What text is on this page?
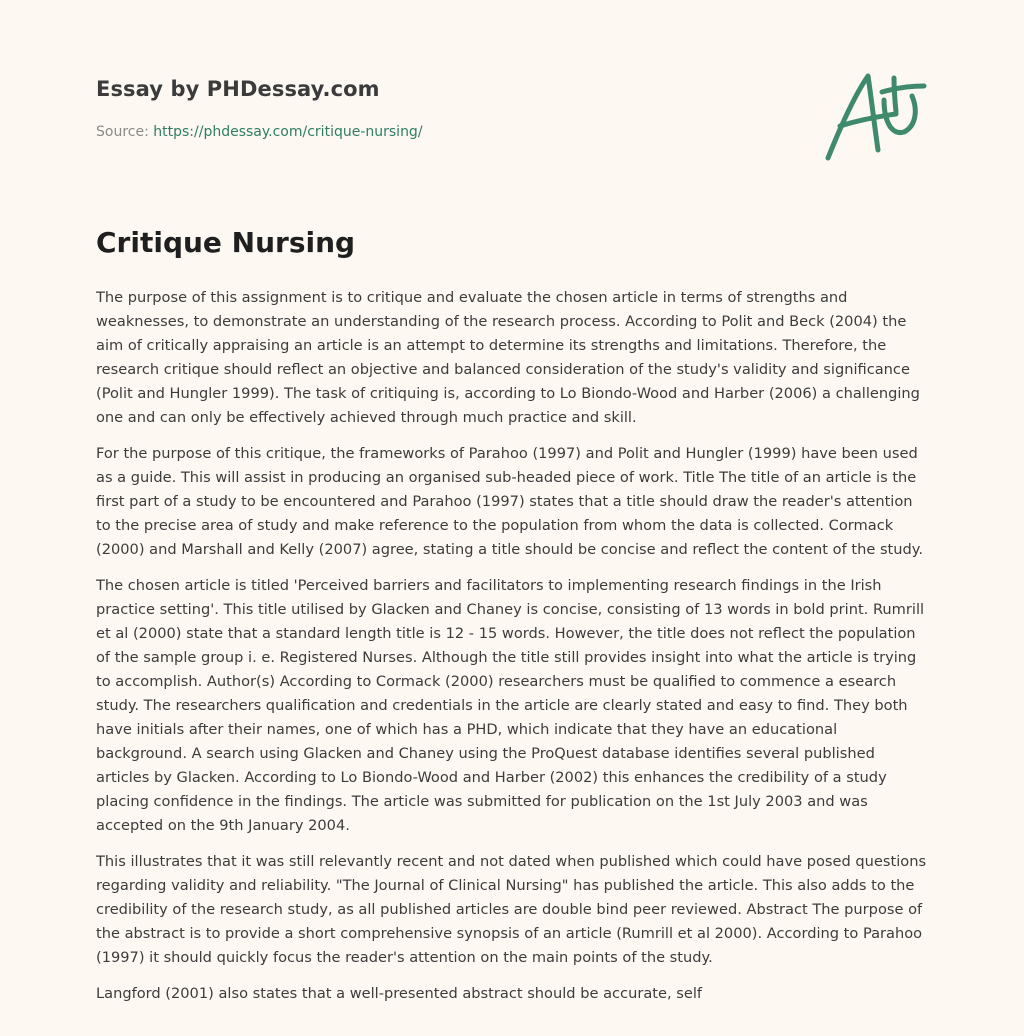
Essay by PHDessay.com
Source: https://phdessay.com/critique-nursing/
Critique Nursing

The purpose of this assignment is to critique and evaluate the chosen article in terms of strengths and weaknesses, to demonstrate an understanding of the research process. According to Polit and Beck (2004) the aim of critically appraising an article is an attempt to determine its strengths and limitations. Therefore, the research critique should reflect an objective and balanced consideration of the study's validity and significance (Polit and Hungler 1999). The task of critiquing is, according to Lo Biondo-Wood and Harber (2006) a challenging one and can only be effectively achieved through much practice and skill.

For the purpose of this critique, the frameworks of Parahoo (1997) and Polit and Hungler (1999) have been used as a guide. This will assist in producing an organised sub-headed piece of work. Title The title of an article is the first part of a study to be encountered and Parahoo (1997) states that a title should draw the reader's attention to the precise area of study and make reference to the population from whom the data is collected. Cormack (2000) and Marshall and Kelly (2007) agree, stating a title should be concise and reflect the content of the study.

The chosen article is titled 'Perceived barriers and facilitators to implementing research findings in the Irish practice setting'. This title utilised by Glacken and Chaney is concise, consisting of 13 words in bold print. Rumrill et al (2000) state that a standard length title is 12 - 15 words. However, the title does not reflect the population of the sample group i. e. Registered Nurses. Although the title still provides insight into what the article is trying to accomplish. Author(s) According to Cormack (2000) researchers must be qualified to commence a esearch study. The researchers qualification and credentials in the article are clearly stated and easy to find. They both have initials after their names, one of which has a PHD, which indicate that they have an educational background. A search using Glacken and Chaney using the ProQuest database identifies several published articles by Glacken. According to Lo Biondo-Wood and Harber (2002) this enhances the credibility of a study placing confidence in the findings. The article was submitted for publication on the 1st July 2003 and was accepted on the 9th January 2004.

This illustrates that it was still relevantly recent and not dated when published which could have posed questions regarding validity and reliability. "The Journal of Clinical Nursing" has published the article. This also adds to the credibility of the research study, as all published articles are double bind peer reviewed. Abstract The purpose of the abstract is to provide a short comprehensive synopsis of an article (Rumrill et al 2000). According to Parahoo (1997) it should quickly focus the reader's attention on the main points of the study.

Langford (2001) also states that a well-presented abstract should be accurate, self
